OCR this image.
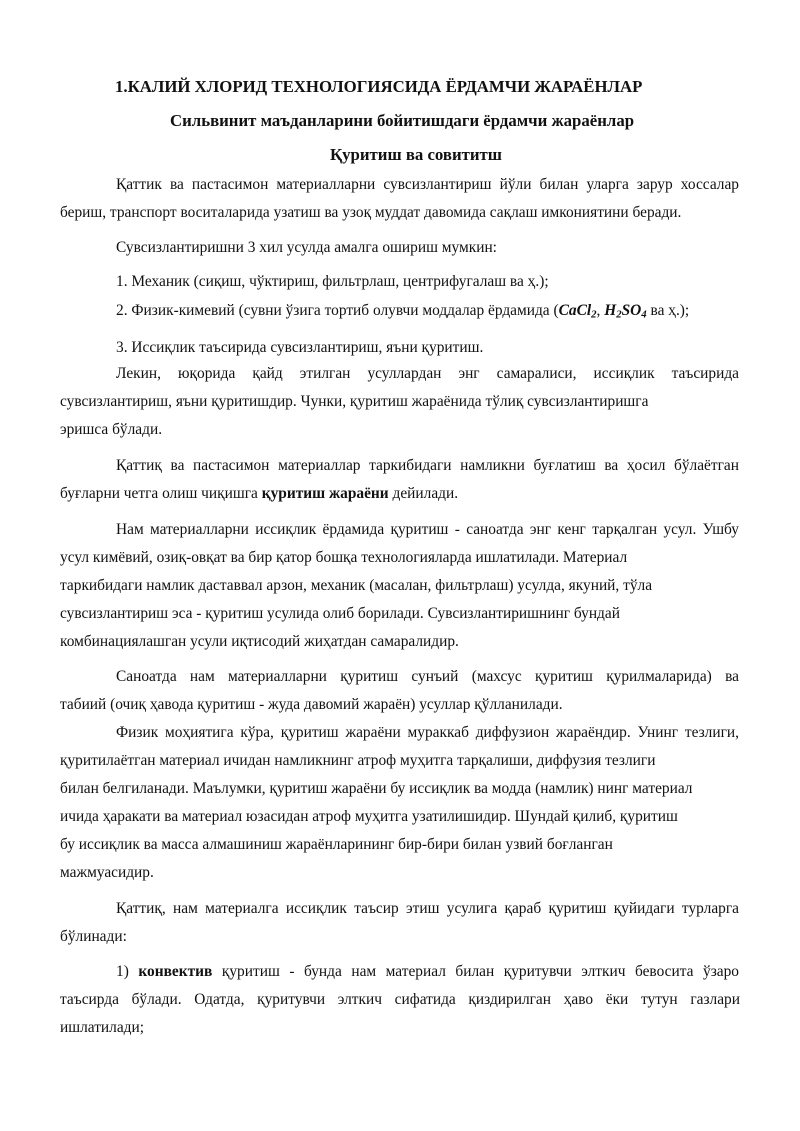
1.КАЛИЙ ХЛОРИД ТЕХНОЛОГИЯСИДА ЁРДАМЧИ ЖАРАЁНЛАР
Сильвинит маъданларини бойитишдаги ёрдамчи жараёнлар
Қуритиш ва совититш
Қаттик ва пастасимон материалларни сувсизлантириш йўли билан уларга зарур хоссалар
бериш, транспорт воситаларида узатиш ва узоқ муддат давомида сақлаш имкониятини беради.
Сувсизлантиришни 3 хил усулда амалга ошириш мумкин:
1. Механик (сиқиш, чўктириш, фильтрлаш, центрифугалаш ва ҳ.);
2. Физик-кимевий (сувни ўзига тортиб олувчи моддалар ёрдамида (CaCl$_2$, $H_2SO_4$ ва ҳ.);
3. Иссиқлик таъсирида сувсизлантириш, яъни қуритиш.
Лекин, юқорида қайд этилган усуллардан энг самаралиси, иссиқлик таъсирида
сувсизлантириш, яъни қуритишдир. Чунки, қуритиш жараёнида тўлиқ сувсизлантиришга
эришса бўлади.
Қаттиқ ва пастасимон материаллар таркибидаги намликни буғлатиш ва ҳосил бўлаётган
буғларни четга олиш чиқишга қуритиш жараёни дейилади.
Нам материалларни иссиқлик ёрдамида қуритиш - саноатда энг кенг тарқалган усул. Ушбу
усул кимёвий, озиқ-овқат ва бир қатор бошқа технологияларда ишлатилади. Материал
таркибидаги намлик даставвал арзон, механик (масалан, фильтрлаш) усулда, якуний, тўла
сувсизлантириш эса - қуритиш усулида олиб борилади. Сувсизлантиришнинг бундай
комбинациялашган усули иқтисодий жиҳатдан самаралидир.
Саноатда нам материалларни қуритиш сунъий (махсус қуритиш қурилмаларида) ва
табиий (очиқ ҳавода қуритиш - жуда давомий жараён) усуллар қўлланилади.
Физик моҳиятига кўра, қуритиш жараёни мураккаб диффузион жараёндир. Унинг тезлиги,
қуритилаётган материал ичидан намликнинг атроф муҳитга тарқалиши, диффузия тезлиги
билан белгиланади. Маълумки, қуритиш жараёни бу иссиқлик ва модда (намлик) нинг материал
ичида ҳаракати ва материал юзасидан атроф муҳитга узатилишидир. Шундай қилиб, қуритиш
бу иссиқлик ва масса алмашиниш жараёнларининг бир-бири билан узвий боғланган
мажмуасидир.
Қаттиқ, нам материалга иссиқлик таъсир этиш усулига қараб қуритиш қуйидаги турларга
бўлинади:
1) конвектив қуритиш - бунда нам материал билан қуритувчи элткич бевосита ўзаро
таъсирда бўлади. Одатда, қуритувчи элткич сифатида қиздирилган ҳаво ёки тутун газлари
ишлатилади;
